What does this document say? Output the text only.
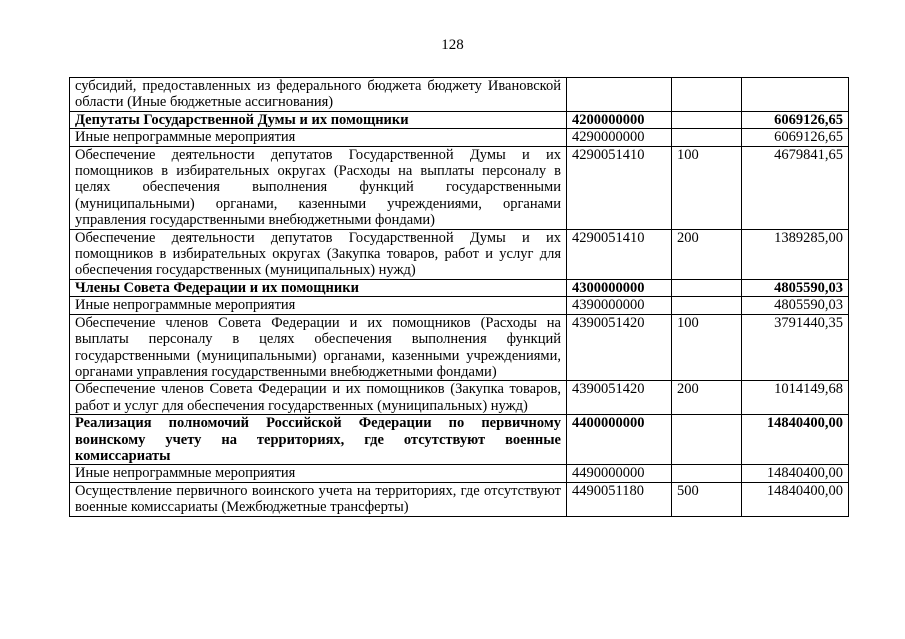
128
субсидий, предоставленных из федерального бюджета бюджету Ивановской области (Иные бюджетные ассигнования)			
Депутаты Государственной Думы и их помощники	4200000000		6069126,65
Иные непрограммные мероприятия	4290000000		6069126,65
Обеспечение деятельности депутатов Государственной Думы и их помощников в избирательных округах (Расходы на выплаты персоналу в целях обеспечения выполнения функций государственными (муниципальными) органами, казенными учреждениями, органами управления государственными внебюджетными фондами)	4290051410	100	4679841,65
Обеспечение деятельности депутатов Государственной Думы и их помощников в избирательных округах (Закупка товаров, работ и услуг для обеспечения государственных (муниципальных) нужд)	4290051410	200	1389285,00
Члены Совета Федерации и их помощники	4300000000		4805590,03
Иные непрограммные мероприятия	4390000000		4805590,03
Обеспечение членов Совета Федерации и их помощников (Расходы на выплаты персоналу в целях обеспечения выполнения функций государственными (муниципальными) органами, казенными учреждениями, органами управления государственными внебюджетными фондами)	4390051420	100	3791440,35
Обеспечение членов Совета Федерации и их помощников (Закупка товаров, работ и услуг для обеспечения государственных (муниципальных) нужд)	4390051420	200	1014149,68
Реализация полномочий Российской Федерации по первичному воинскому учету на территориях, где отсутствуют военные комиссариаты	4400000000		14840400,00
Иные непрограммные мероприятия	4490000000		14840400,00
Осуществление первичного воинского учета на территориях, где отсутствуют военные комиссариаты (Межбюджетные трансферты)	4490051180	500	14840400,00
